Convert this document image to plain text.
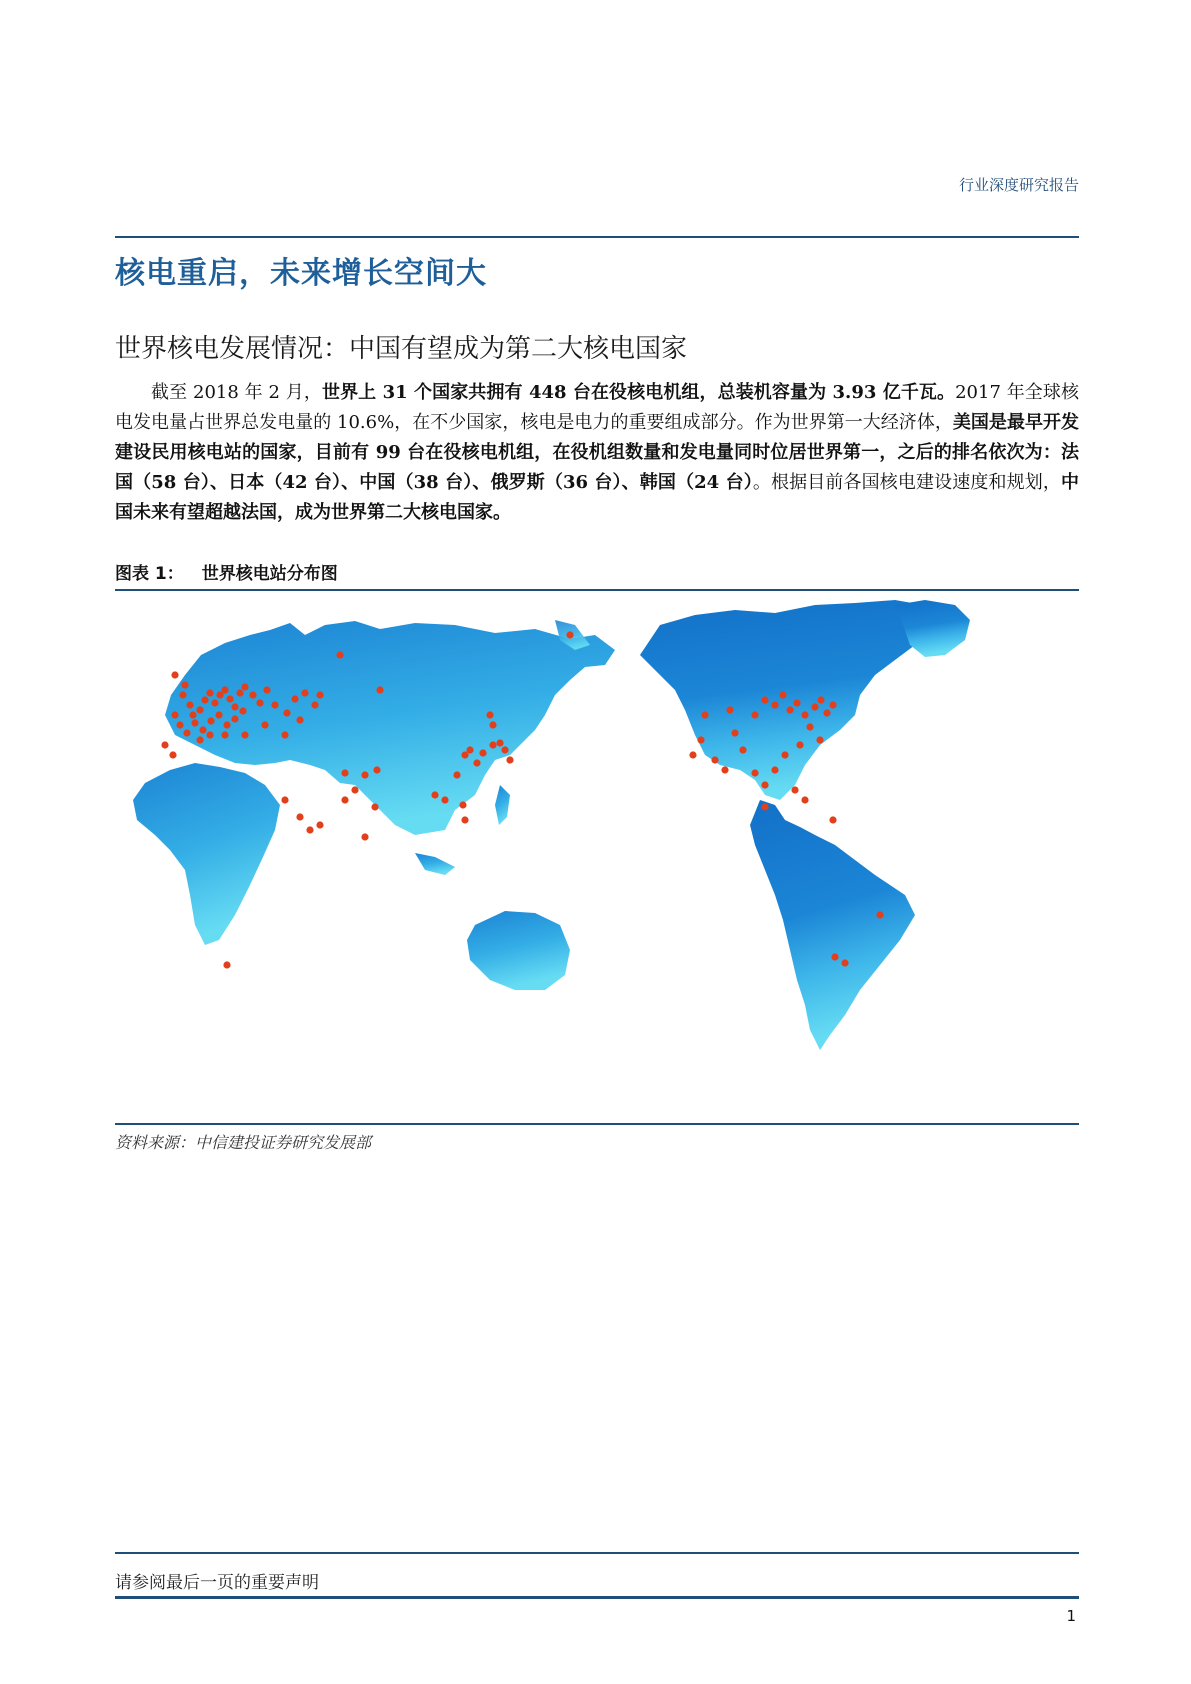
行业深度研究报告
核电重启，未来增长空间大
世界核电发展情况：中国有望成为第二大核电国家

截至 2018 年 2 月，世界上 31 个国家共拥有 448 台在役核电机组，总装机容量为 3.93 亿千瓦。2017 年全球核电发电量占世界总发电量的 10.6%，在不少国家，核电是电力的重要组成部分。作为世界第一大经济体，美国是最早开发建设民用核电站的国家，目前有 99 台在役核电机组，在役机组数量和发电量同时位居世界第一，之后的排名依次为：法国（58 台）、日本（42 台）、中国（38 台）、俄罗斯（36 台）、韩国（24 台）。根据目前各国核电建设速度和规划，中国未来有望超越法国，成为世界第二大核电国家。

图表 1： 世界核电站分布图
资料来源：中信建投证券研究发展部
请参阅最后一页的重要声明
1
